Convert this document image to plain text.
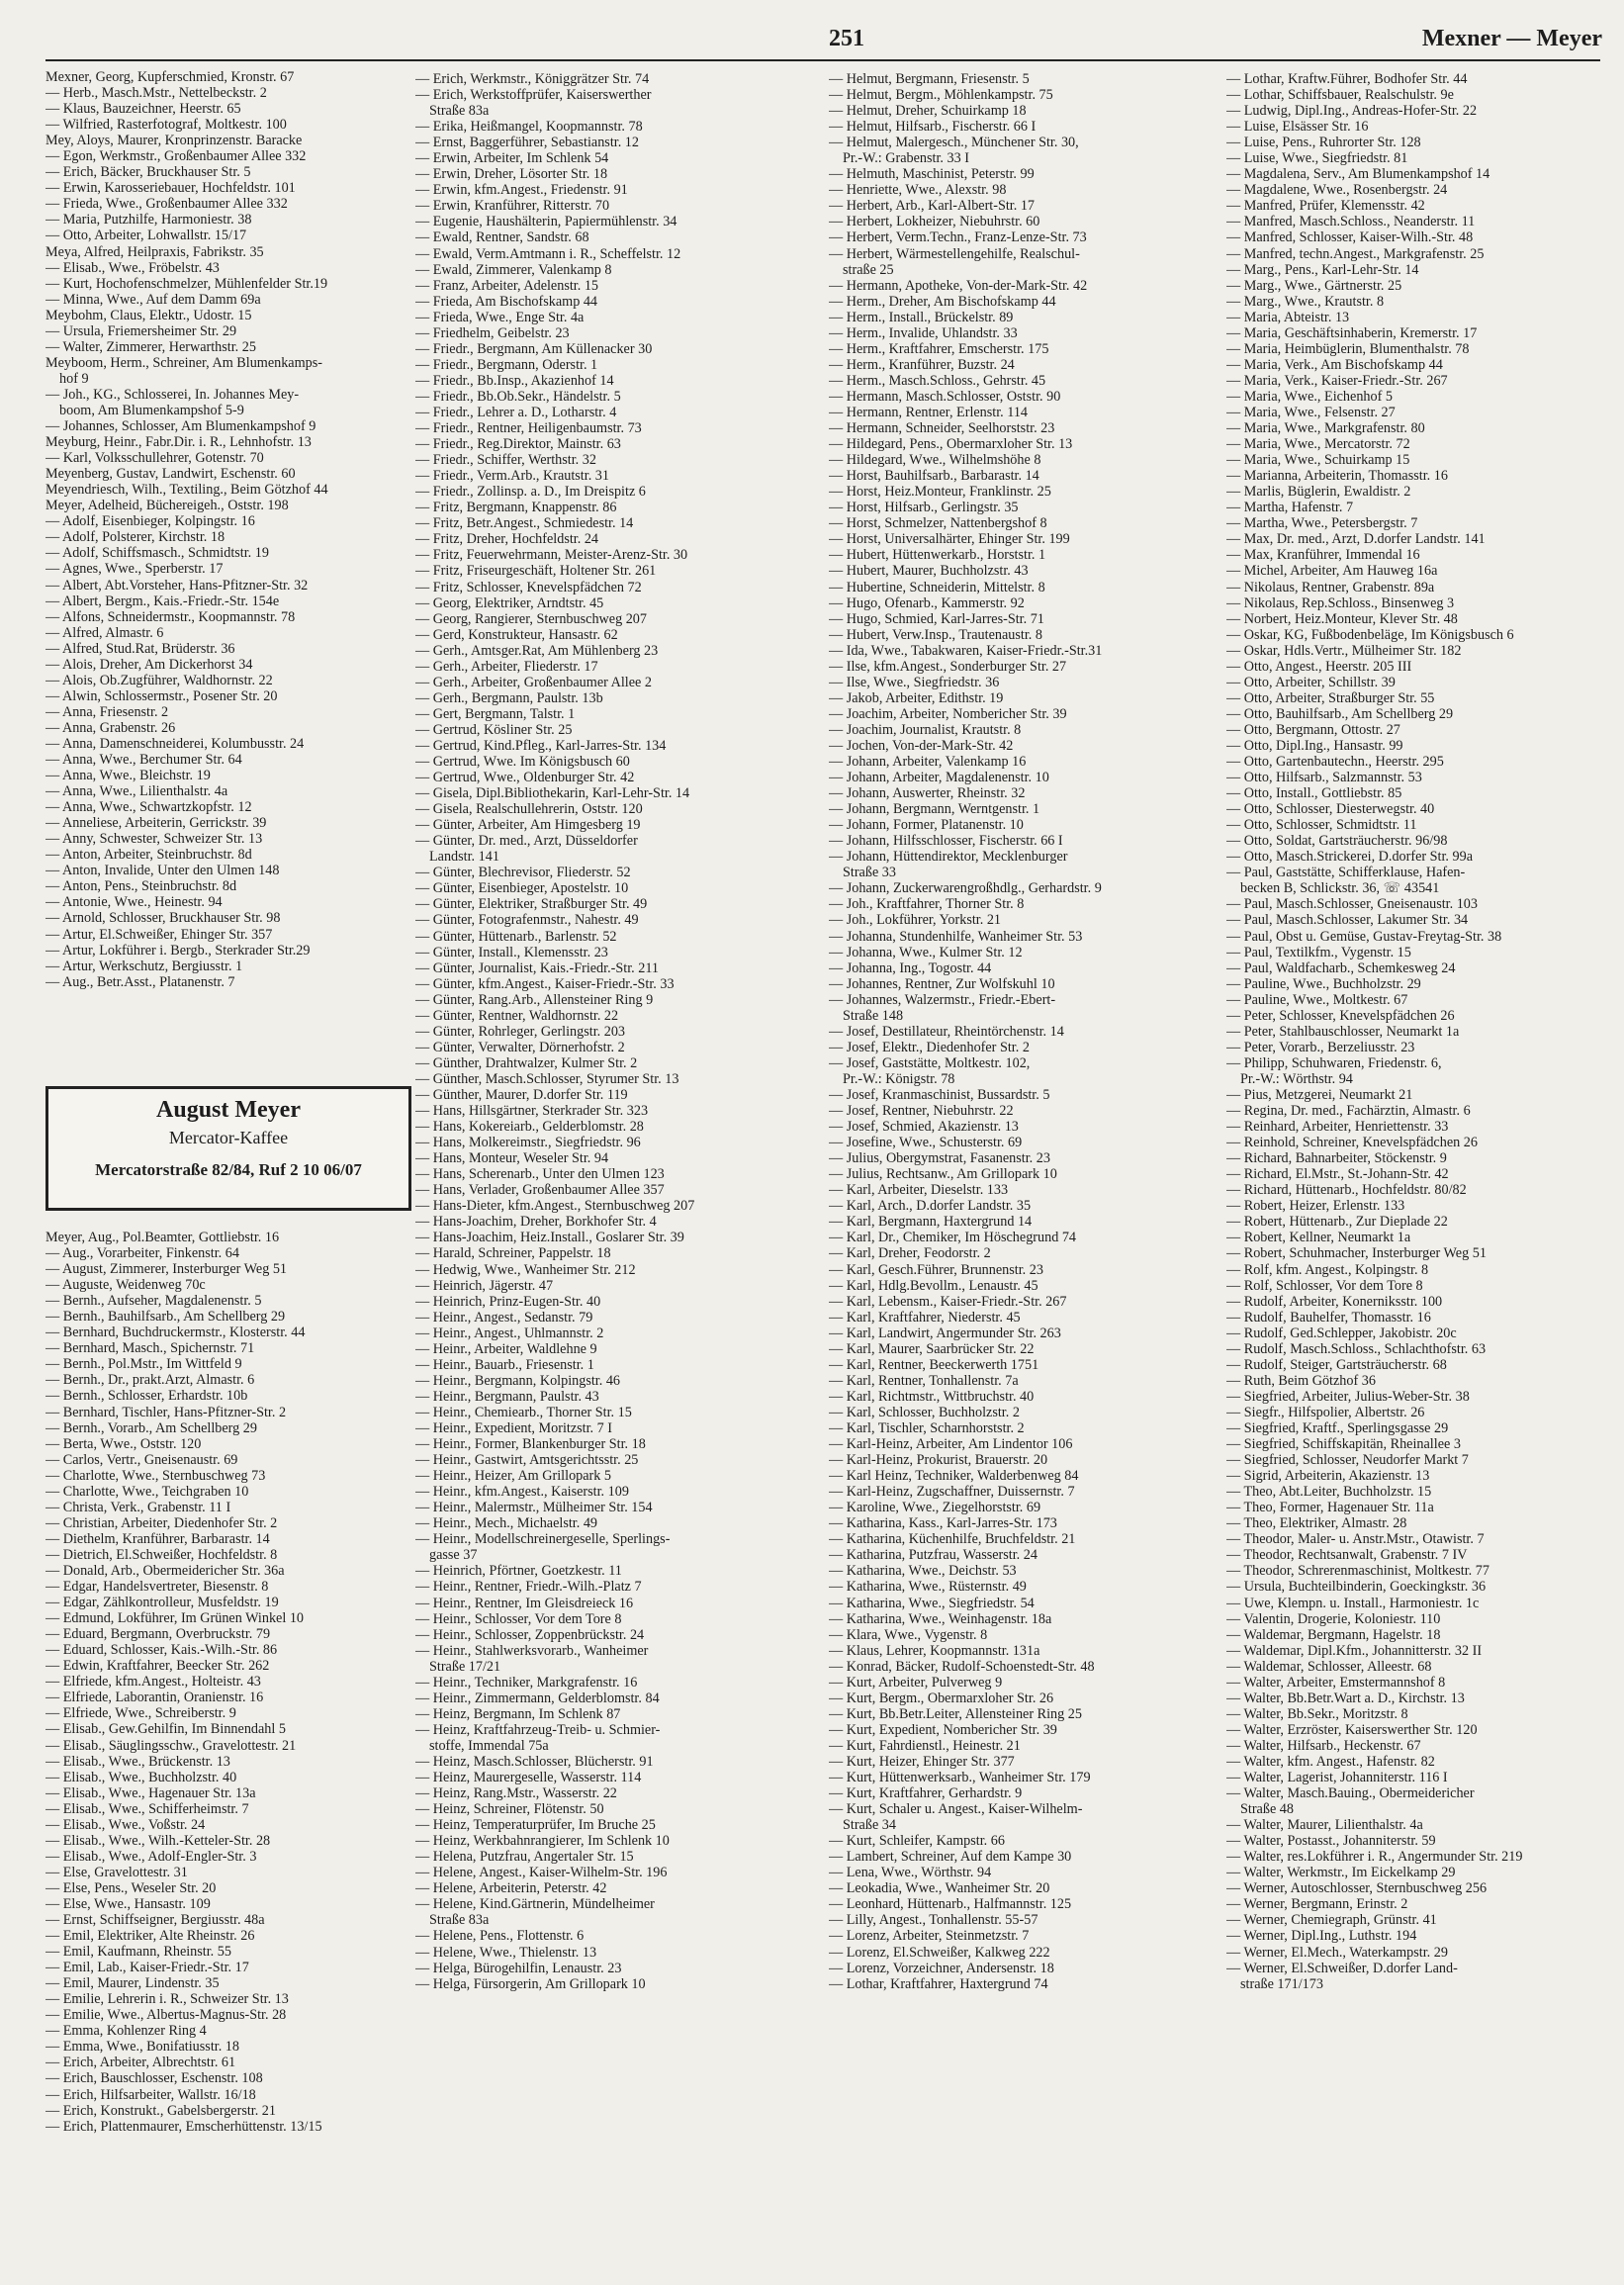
251	Mexner — Meyer
Mexner, Georg, Kupferschmied, Kronstr. 67
— Herb., Masch.Mstr., Nettelbeckstr. 2
— Klaus, Bauzeichner, Heerstr. 65
— Wilfried, Rasterfotograf, Moltkestr. 100
Mey, Aloys, Maurer, Kronprinzenstr. Baracke
— Egon, Werkmstr., Großenbaumer Allee 332
— Erich, Bäcker, Bruckhauser Str. 5
— Erwin, Karosseriebauer, Hochfeldstr. 101
— Frieda, Wwe., Großenbaumer Allee 332
— Maria, Putzhilfe, Harmoniestr. 38
— Otto, Arbeiter, Lohwallstr. 15/17
Meya, Alfred, Heilpraxis, Fabrikstr. 35
— Elisab., Wwe., Fröbelstr. 43
— Kurt, Hochofenschmelzer, Mühlenfelder Str.19
— Minna, Wwe., Auf dem Damm 69a
Meybohm, Claus, Elektr., Udostr. 15
— Ursula, Friemersheimer Str. 29
— Walter, Zimmerer, Herwarthstr. 25
Meyboom, Herm., Schreiner, Am Blumenkamps-
hof 9
— Joh., KG., Schlosserei, In. Johannes Mey-
boom, Am Blumenkampshof 5-9
— Johannes, Schlosser, Am Blumenkampshof 9
Meyburg, Heinr., Fabr.Dir. i. R., Lehnhofstr. 13
— Karl, Volksschullehrer, Gotenstr. 70
Meyenberg, Gustav, Landwirt, Eschenstr. 60
Meyendriesch, Wilh., Textiling., Beim Götzhof 44
Meyer, Adelheid, Büchereigeh., Oststr. 198
— Adolf, Eisenbieger, Kolpingstr. 16
— Adolf, Polsterer, Kirchstr. 18
— Adolf, Schiffsmasch., Schmidtstr. 19
— Agnes, Wwe., Sperberstr. 17
— Albert, Abt.Vorsteher, Hans-Pfitzner-Str. 32
— Albert, Bergm., Kais.-Friedr.-Str. 154e
— Alfons, Schneidermstr., Koopmannstr. 78
— Alfred, Almastr. 6
— Alfred, Stud.Rat, Brüderstr. 36
— Alois, Dreher, Am Dickerhorst 34
— Alois, Ob.Zugführer, Waldhornstr. 22
— Alwin, Schlossermstr., Posener Str. 20
— Anna, Friesenstr. 2
— Anna, Grabenstr. 26
— Anna, Damenschneiderei, Kolumbusstr. 24
— Anna, Wwe., Berchumer Str. 64
— Anna, Wwe., Bleichstr. 19
— Anna, Wwe., Lilienthalstr. 4a
— Anna, Wwe., Schwartzkopfstr. 12
— Anneliese, Arbeiterin, Gerrickstr. 39
— Anny, Schwester, Schweizer Str. 13
— Anton, Arbeiter, Steinbruchstr. 8d
— Anton, Invalide, Unter den Ulmen 148
— Anton, Pens., Steinbruchstr. 8d
— Antonie, Wwe., Heinestr. 94
— Arnold, Schlosser, Bruckhauser Str. 98
— Artur, El.Schweißer, Ehinger Str. 357
— Artur, Lokführer i. Bergb., Sterkrader Str.29
— Artur, Werkschutz, Bergiusstr. 1
— Aug., Betr.Asst., Platanenstr. 7
August Meyer
Mercator-Kaffee
Mercatorstraße 82/84, Ruf 2 10 06/07
Meyer, Aug., Pol.Beamter, Gottliebstr. 16
— Aug., Vorarbeiter, Finkenstr. 64
— August, Zimmerer, Insterburger Weg 51
— Auguste, Weidenweg 70c
— Bernh., Aufseher, Magdalenenstr. 5
— Bernh., Bauhilfsarb., Am Schellberg 29
— Bernhard, Buchdruckermstr., Klosterstr. 44
— Bernhard, Masch., Spichernstr. 71
— Bernh., Pol.Mstr., Im Wittfeld 9
— Bernh., Dr., prakt.Arzt, Almastr. 6
— Bernh., Schlosser, Erhardstr. 10b
— Bernhard, Tischler, Hans-Pfitzner-Str. 2
— Bernh., Vorarb., Am Schellberg 29
— Berta, Wwe., Oststr. 120
— Carlos, Vertr., Gneisenaustr. 69
— Charlotte, Wwe., Sternbuschweg 73
— Charlotte, Wwe., Teichgraben 10
— Christa, Verk., Grabenstr. 11 I
— Christian, Arbeiter, Diedenhofer Str. 2
— Diethelm, Kranführer, Barbarastr. 14
— Dietrich, El.Schweißer, Hochfeldstr. 8
— Donald, Arb., Obermeidericher Str. 36a
— Edgar, Handelsvertreter, Biesenstr. 8
— Edgar, Zählkontrolleur, Musfeldstr. 19
— Edmund, Lokführer, Im Grünen Winkel 10
— Eduard, Bergmann, Overbruckstr. 79
— Eduard, Schlosser, Kais.-Wilh.-Str. 86
— Edwin, Kraftfahrer, Beecker Str. 262
— Elfriede, kfm.Angest., Holteistr. 43
— Elfriede, Laborantin, Oranienstr. 16
— Elfriede, Wwe., Schreiberstr. 9
— Elisab., Gew.Gehilfin, Im Binnendahl 5
— Elisab., Säuglingsschw., Gravelottestr. 21
— Elisab., Wwe., Brückenstr. 13
— Elisab., Wwe., Buchholzstr. 40
— Elisab., Wwe., Hagenauer Str. 13a
— Elisab., Wwe., Schifferheimstr. 7
— Elisab., Wwe., Voßstr. 24
— Elisab., Wwe., Wilh.-Ketteler-Str. 28
— Elisab., Wwe., Adolf-Engler-Str. 3
— Else, Gravelottestr. 31
— Else, Pens., Weseler Str. 20
— Else, Wwe., Hansastr. 109
— Ernst, Schiffseigner, Bergiusstr. 48a
— Emil, Elektriker, Alte Rheinstr. 26
— Emil, Kaufmann, Rheinstr. 55
— Emil, Lab., Kaiser-Friedr.-Str. 17
— Emil, Maurer, Lindenstr. 35
— Emilie, Lehrerin i. R., Schweizer Str. 13
— Emilie, Wwe., Albertus-Magnus-Str. 28
— Emma, Kohlenzer Ring 4
— Emma, Wwe., Bonifatiusstr. 18
— Erich, Arbeiter, Albrechtstr. 61
— Erich, Bauschlosser, Eschenstr. 108
— Erich, Hilfsarbeiter, Wallstr. 16/18
— Erich, Konstrukt., Gabelsbergerstr. 21
— Erich, Plattenmaurer, Emscherhüttenstr. 13/15
— Erich, Werkmstr., Königgrätzer Str. 74
— Erich, Werkstoffprüfer, Kaiserswerther
Straße 83a
— Erika, Heißmangel, Koopmannstr. 78
— Ernst, Baggerführer, Sebastianstr. 12
— Erwin, Arbeiter, Im Schlenk 54
— Erwin, Dreher, Lösorter Str. 18
— Erwin, kfm.Angest., Friedenstr. 91
— Erwin, Kranführer, Ritterstr. 70
— Eugenie, Haushälterin, Papiermühlenstr. 34
— Ewald, Rentner, Sandstr. 68
— Ewald, Verm.Amtmann i. R., Scheffelstr. 12
— Ewald, Zimmerer, Valenkamp 8
— Franz, Arbeiter, Adelenstr. 15
— Frieda, Am Bischofskamp 44
— Frieda, Wwe., Enge Str. 4a
— Friedhelm, Geibelstr. 23
— Friedr., Bergmann, Am Küllenacker 30
— Friedr., Bergmann, Oderstr. 1
— Friedr., Bb.Insp., Akazienhof 14
— Friedr., Bb.Ob.Sekr., Händelstr. 5
— Friedr., Lehrer a. D., Lotharstr. 4
— Friedr., Rentner, Heiligenbaumstr. 73
— Friedr., Reg.Direktor, Mainstr. 63
— Friedr., Schiffer, Werthstr. 32
— Friedr., Verm.Arb., Krautstr. 31
— Friedr., Zollinsp. a. D., Im Dreispitz 6
— Fritz, Bergmann, Knappenstr. 86
— Fritz, Betr.Angest., Schmiedestr. 14
— Fritz, Dreher, Hochfeldstr. 24
— Fritz, Feuerwehrmann, Meister-Arenz-Str. 30
— Fritz, Friseurgeschäft, Holtener Str. 261
— Fritz, Schlosser, Knevelspfädchen 72
— Georg, Elektriker, Arndtstr. 45
— Georg, Rangierer, Sternbuschweg 207
— Gerd, Konstrukteur, Hansastr. 62
— Gerh., Amtsger.Rat, Am Mühlenberg 23
— Gerh., Arbeiter, Fliederstr. 17
— Gerh., Arbeiter, Großenbaumer Allee 2
— Gerh., Bergmann, Paulstr. 13b
— Gert, Bergmann, Talstr. 1
— Gertrud, Kösliner Str. 25
— Gertrud, Kind.Pfleg., Karl-Jarres-Str. 134
— Gertrud, Wwe. Im Königsbusch 60
— Gertrud, Wwe., Oldenburger Str. 42
— Gisela, Dipl.Bibliothekarin, Karl-Lehr-Str. 14
— Gisela, Realschullehrerin, Oststr. 120
— Günter, Arbeiter, Am Himgesberg 19
— Günter, Dr. med., Arzt, Düsseldorfer
Landstr. 141
— Günter, Blechrevisor, Fliederstr. 52
— Günter, Eisenbieger, Apostelstr. 10
— Günter, Elektriker, Straßburger Str. 49
— Günter, Fotografenmstr., Nahestr. 49
— Günter, Hüttenarb., Barlenstr. 52
— Günter, Install., Klemensstr. 23
— Günter, Journalist, Kais.-Friedr.-Str. 211
— Günter, kfm.Angest., Kaiser-Friedr.-Str. 33
— Günter, Rang.Arb., Allensteiner Ring 9
— Günter, Rentner, Waldhornstr. 22
— Günter, Rohrleger, Gerlingstr. 203
— Günter, Verwalter, Dörnerhofstr. 2
— Günther, Drahtwalzer, Kulmer Str. 2
— Günther, Masch.Schlosser, Styrumer Str. 13
— Günther, Maurer, D.dorfer Str. 119
— Hans, Hillsgärtner, Sterkrader Str. 323
— Hans, Kokereiarb., Gelderblomstr. 28
— Hans, Molkereimstr., Siegfriedstr. 96
— Hans, Monteur, Weseler Str. 94
— Hans, Scherenarb., Unter den Ulmen 123
— Hans, Verlader, Großenbaumer Allee 357
— Hans-Dieter, kfm.Angest., Sternbuschweg 207
— Hans-Joachim, Dreher, Borkhofer Str. 4
— Hans-Joachim, Heiz.Install., Goslarer Str. 39
— Harald, Schreiner, Pappelstr. 18
— Hedwig, Wwe., Wanheimer Str. 212
— Heinrich, Jägerstr. 47
— Heinrich, Prinz-Eugen-Str. 40
— Heinr., Angest., Sedanstr. 79
— Heinr., Angest., Uhlmannstr. 2
— Heinr., Arbeiter, Waldlehne 9
— Heinr., Bauarb., Friesenstr. 1
— Heinr., Bergmann, Kolpingstr. 46
— Heinr., Bergmann, Paulstr. 43
— Heinr., Chemiearb., Thorner Str. 15
— Heinr., Expedient, Moritzstr. 7 I
— Heinr., Former, Blankenburger Str. 18
— Heinr., Gastwirt, Amtsgerichtsstr. 25
— Heinr., Heizer, Am Grillopark 5
— Heinr., kfm.Angest., Kaiserstr. 109
— Heinr., Malermstr., Mülheimer Str. 154
— Heinr., Mech., Michaelstr. 49
— Heinr., Modellschreinergeselle, Sperlings-
gasse 37
— Heinrich, Pförtner, Goetzkestr. 11
— Heinr., Rentner, Friedr.-Wilh.-Platz 7
— Heinr., Rentner, Im Gleisdreieck 16
— Heinr., Schlosser, Vor dem Tore 8
— Heinr., Schlosser, Zoppenbrückstr. 24
— Heinr., Stahlwerksvorarb., Wanheimer
Straße 17/21
— Heinr., Techniker, Markgrafenstr. 16
— Heinr., Zimmermann, Gelderblomstr. 84
— Heinz, Bergmann, Im Schlenk 87
— Heinz, Kraftfahrzeug-Treib- u. Schmier-
stoffe, Immendal 75a
— Heinz, Masch.Schlosser, Blücherstr. 91
— Heinz, Maurergeselle, Wasserstr. 114
— Heinz, Rang.Mstr., Wasserstr. 22
— Heinz, Schreiner, Flötenstr. 50
— Heinz, Temperaturprüfer, Im Bruche 25
— Heinz, Werkbahnrangierer, Im Schlenk 10
— Helena, Putzfrau, Angertaler Str. 15
— Helene, Angest., Kaiser-Wilhelm-Str. 196
— Helene, Arbeiterin, Peterstr. 42
— Helene, Kind.Gärtnerin, Mündelheimer
Straße 83a
— Helene, Pens., Flottenstr. 6
— Helene, Wwe., Thielenstr. 13
— Helga, Bürogehilfin, Lenaustr. 23
— Helga, Fürsorgerin, Am Grillopark 10
— Helmut, Bergmann, Friesenstr. 5
— Helmut, Bergm., Möhlenkampstr. 75
— Helmut, Dreher, Schuirkamp 18
— Helmut, Hilfsarb., Fischerstr. 66 I
— Helmut, Malergesch., Münchener Str. 30,
Pr.-W.: Grabenstr. 33 I
— Helmuth, Maschinist, Peterstr. 99
— Henriette, Wwe., Alexstr. 98
— Herbert, Arb., Karl-Albert-Str. 17
— Herbert, Lokheizer, Niebuhrstr. 60
— Herbert, Verm.Techn., Franz-Lenze-Str. 73
— Herbert, Wärmestellengehilfe, Realschul-
straße 25
— Hermann, Apotheke, Von-der-Mark-Str. 42
— Herm., Dreher, Am Bischofskamp 44
— Herm., Install., Brückelstr. 89
— Herm., Invalide, Uhlandstr. 33
— Herm., Kraftfahrer, Emscherstr. 175
— Herm., Kranführer, Buzstr. 24
— Herm., Masch.Schloss., Gehrstr. 45
— Hermann, Masch.Schlosser, Oststr. 90
— Hermann, Rentner, Erlenstr. 114
— Hermann, Schneider, Seelhorststr. 23
— Hildegard, Pens., Obermarxloher Str. 13
— Hildegard, Wwe., Wilhelmshöhe 8
— Horst, Bauhilfsarb., Barbarastr. 14
— Horst, Heiz.Monteur, Franklinstr. 25
— Horst, Hilfsarb., Gerlingstr. 35
— Horst, Schmelzer, Nattenbergshof 8
— Horst, Universalhärter, Ehinger Str. 199
— Hubert, Hüttenwerkarb., Horststr. 1
— Hubert, Maurer, Buchholzstr. 43
— Hubertine, Schneiderin, Mittelstr. 8
— Hugo, Ofenarb., Kammerstr. 92
— Hugo, Schmied, Karl-Jarres-Str. 71
— Hubert, Verw.Insp., Trautenaustr. 8
— Ida, Wwe., Tabakwaren, Kaiser-Friedr.-Str.31
— Ilse, kfm.Angest., Sonderburger Str. 27
— Ilse, Wwe., Siegfriedstr. 36
— Jakob, Arbeiter, Edithstr. 19
— Joachim, Arbeiter, Nombericher Str. 39
— Joachim, Journalist, Krautstr. 8
— Jochen, Von-der-Mark-Str. 42
— Johann, Arbeiter, Valenkamp 16
— Johann, Arbeiter, Magdalenenstr. 10
— Johann, Auswerter, Rheinstr. 32
— Johann, Bergmann, Werntgenstr. 1
— Johann, Former, Platanenstr. 10
— Johann, Hilfsschlosser, Fischerstr. 66 I
— Johann, Hüttendirektor, Mecklenburger
Straße 33
— Johann, Zuckerwarengroßhdlg., Gerhardstr. 9
— Joh., Kraftfahrer, Thorner Str. 8
— Joh., Lokführer, Yorkstr. 21
— Johanna, Stundenhilfe, Wanheimer Str. 53
— Johanna, Wwe., Kulmer Str. 12
— Johanna, Ing., Togostr. 44
— Johannes, Rentner, Zur Wolfskuhl 10
— Johannes, Walzermstr., Friedr.-Ebert-
Straße 148
— Josef, Destillateur, Rheintörchenstr. 14
— Josef, Elektr., Diedenhofer Str. 2
— Josef, Gaststätte, Moltkestr. 102,
Pr.-W.: Königstr. 78
— Josef, Kranmaschinist, Bussardstr. 5
— Josef, Rentner, Niebuhrstr. 22
— Josef, Schmied, Akazienstr. 13
— Josefine, Wwe., Schusterstr. 69
— Julius, Obergymstrat, Fasanenstr. 23
— Julius, Rechtsanw., Am Grillopark 10
— Karl, Arbeiter, Dieselstr. 133
— Karl, Arch., D.dorfer Landstr. 35
— Karl, Bergmann, Haxtergrund 14
— Karl, Dr., Chemiker, Im Höschegrund 74
— Karl, Dreher, Feodorstr. 2
— Karl, Gesch.Führer, Brunnenstr. 23
— Karl, Hdlg.Bevollm., Lenaustr. 45
— Karl, Lebensm., Kaiser-Friedr.-Str. 267
— Karl, Kraftfahrer, Niederstr. 45
— Karl, Landwirt, Angermunder Str. 263
— Karl, Maurer, Saarbrücker Str. 22
— Karl, Rentner, Beeckerwerth 1751
— Karl, Rentner, Tonhallenstr. 7a
— Karl, Richtmstr., Wittbruchstr. 40
— Karl, Schlosser, Buchholzstr. 2
— Karl, Tischler, Scharnhorststr. 2
— Karl-Heinz, Arbeiter, Am Lindentor 106
— Karl-Heinz, Prokurist, Brauerstr. 20
— Karl Heinz, Techniker, Walderbenweg 84
— Karl-Heinz, Zugschaffner, Duissernstr. 7
— Karoline, Wwe., Ziegelhorststr. 69
— Katharina, Kass., Karl-Jarres-Str. 173
— Katharina, Küchenhilfe, Bruchfeldstr. 21
— Katharina, Putzfrau, Wasserstr. 24
— Katharina, Wwe., Deichstr. 53
— Katharina, Wwe., Rüsternstr. 49
— Katharina, Wwe., Siegfriedstr. 54
— Katharina, Wwe., Weinhagenstr. 18a
— Klara, Wwe., Vygenstr. 8
— Klaus, Lehrer, Koopmannstr. 131a
— Konrad, Bäcker, Rudolf-Schoenstedt-Str. 48
— Kurt, Arbeiter, Pulverweg 9
— Kurt, Bergm., Obermarxloher Str. 26
— Kurt, Bb.Betr.Leiter, Allensteiner Ring 25
— Kurt, Expedient, Nombericher Str. 39
— Kurt, Fahrdienstl., Heinestr. 21
— Kurt, Heizer, Ehinger Str. 377
— Kurt, Hüttenwerksarb., Wanheimer Str. 179
— Kurt, Kraftfahrer, Gerhardstr. 9
— Kurt, Schaler u. Angest., Kaiser-Wilhelm-
Straße 34
— Kurt, Schleifer, Kampstr. 66
— Lambert, Schreiner, Auf dem Kampe 30
— Lena, Wwe., Wörthstr. 94
— Leokadia, Wwe., Wanheimer Str. 20
— Leonhard, Hüttenarb., Halfmannstr. 125
— Lilly, Angest., Tonhallenstr. 55-57
— Lorenz, Arbeiter, Steinmetzstr. 7
— Lorenz, El.Schweißer, Kalkweg 222
— Lorenz, Vorzeichner, Andersenstr. 18
— Lothar, Kraftfahrer, Haxtergrund 74
— Lothar, Kraftw.Führer, Bodhofer Str. 44
— Lothar, Schiffsbauer, Realschulstr. 9e
— Ludwig, Dipl.Ing., Andreas-Hofer-Str. 22
— Luise, Elsässer Str. 16
— Luise, Pens., Ruhrorter Str. 128
— Luise, Wwe., Siegfriedstr. 81
— Magdalena, Serv., Am Blumenkampshof 14
— Magdalene, Wwe., Rosenbergstr. 24
— Manfred, Prüfer, Klemensstr. 42
— Manfred, Masch.Schloss., Neanderstr. 11
— Manfred, Schlosser, Kaiser-Wilh.-Str. 48
— Manfred, techn.Angest., Markgrafenstr. 25
— Marg., Pens., Karl-Lehr-Str. 14
— Marg., Wwe., Gärtnerstr. 25
— Marg., Wwe., Krautstr. 8
— Maria, Abteistr. 13
— Maria, Geschäftsinhaberin, Kremerstr. 17
— Maria, Heimbüglerin, Blumenthalstr. 78
— Maria, Verk., Am Bischofskamp 44
— Maria, Verk., Kaiser-Friedr.-Str. 267
— Maria, Wwe., Eichenhof 5
— Maria, Wwe., Felsenstr. 27
— Maria, Wwe., Markgrafenstr. 80
— Maria, Wwe., Mercatorstr. 72
— Maria, Wwe., Schuirkamp 15
— Marianna, Arbeiterin, Thomasstr. 16
— Marlis, Büglerin, Ewaldistr. 2
— Martha, Hafenstr. 7
— Martha, Wwe., Petersbergstr. 7
— Max, Dr. med., Arzt, D.dorfer Landstr. 141
— Max, Kranführer, Immendal 16
— Michel, Arbeiter, Am Hauweg 16a
— Nikolaus, Rentner, Grabenstr. 89a
— Nikolaus, Rep.Schloss., Binsenweg 3
— Norbert, Heiz.Monteur, Klever Str. 48
— Oskar, KG, Fußbodenbeläge, Im Königsbusch 6
— Oskar, Hdls.Vertr., Mülheimer Str. 182
— Otto, Angest., Heerstr. 205 III
— Otto, Arbeiter, Schillstr. 39
— Otto, Arbeiter, Straßburger Str. 55
— Otto, Bauhilfsarb., Am Schellberg 29
— Otto, Bergmann, Ottostr. 27
— Otto, Dipl.Ing., Hansastr. 99
— Otto, Gartenbautechn., Heerstr. 295
— Otto, Hilfsarb., Salzmannstr. 53
— Otto, Install., Gottliebstr. 85
— Otto, Schlosser, Diesterwegstr. 40
— Otto, Schlosser, Schmidtstr. 11
— Otto, Soldat, Gartsträucherstr. 96/98
— Otto, Masch.Strickerei, D.dorfer Str. 99a
— Paul, Gaststätte, Schifferklause, Hafen-
becken B, Schlickstr. 36, ☏ 43541
— Paul, Masch.Schlosser, Gneisenaustr. 103
— Paul, Masch.Schlosser, Lakumer Str. 34
— Paul, Obst u. Gemüse, Gustav-Freytag-Str. 38
— Paul, Textilkfm., Vygenstr. 15
— Paul, Waldfacharb., Schemkesweg 24
— Pauline, Wwe., Buchholzstr. 29
— Pauline, Wwe., Moltkestr. 67
— Peter, Schlosser, Knevelspfädchen 26
— Peter, Stahlbauschlosser, Neumarkt 1a
— Peter, Vorarb., Berzeliusstr. 23
— Philipp, Schuhwaren, Friedenstr. 6,
Pr.-W.: Wörthstr. 94
— Pius, Metzgerei, Neumarkt 21
— Regina, Dr. med., Fachärztin, Almastr. 6
— Reinhard, Arbeiter, Henriettenstr. 33
— Reinhold, Schreiner, Knevelspfädchen 26
— Richard, Bahnarbeiter, Stöckenstr. 9
— Richard, El.Mstr., St.-Johann-Str. 42
— Richard, Hüttenarb., Hochfeldstr. 80/82
— Robert, Heizer, Erlenstr. 133
— Robert, Hüttenarb., Zur Dieplade 22
— Robert, Kellner, Neumarkt 1a
— Robert, Schuhmacher, Insterburger Weg 51
— Rolf, kfm. Angest., Kolpingstr. 8
— Rolf, Schlosser, Vor dem Tore 8
— Rudolf, Arbeiter, Konerniksstr. 100
— Rudolf, Bauhelfer, Thomasstr. 16
— Rudolf, Ged.Schlepper, Jakobistr. 20c
— Rudolf, Masch.Schloss., Schlachthofstr. 63
— Rudolf, Steiger, Gartsträucherstr. 68
— Ruth, Beim Götzhof 36
— Siegfried, Arbeiter, Julius-Weber-Str. 38
— Siegfr., Hilfspolier, Albertstr. 26
— Siegfried, Kraftf., Sperlingsgasse 29
— Siegfried, Schiffskapitän, Rheinallee 3
— Siegfried, Schlosser, Neudorfer Markt 7
— Sigrid, Arbeiterin, Akazienstr. 13
— Theo, Abt.Leiter, Buchholzstr. 15
— Theo, Former, Hagenauer Str. 11a
— Theo, Elektriker, Almastr. 28
— Theodor, Maler- u. Anstr.Mstr., Otawistr. 7
— Theodor, Rechtsanwalt, Grabenstr. 7 IV
— Theodor, Schrerenmaschinist, Moltkestr. 77
— Ursula, Buchteilbinderin, Goeckingkstr. 36
— Uwe, Klempn. u. Install., Harmoniestr. 1c
— Valentin, Drogerie, Koloniestr. 110
— Waldemar, Bergmann, Hagelstr. 18
— Waldemar, Dipl.Kfm., Johannitterstr. 32 II
— Waldemar, Schlosser, Alleestr. 68
— Walter, Arbeiter, Emstermannshof 8
— Walter, Bb.Betr.Wart a. D., Kirchstr. 13
— Walter, Bb.Sekr., Moritzstr. 8
— Walter, Erzröster, Kaiserswerther Str. 120
— Walter, Hilfsarb., Heckenstr. 67
— Walter, kfm. Angest., Hafenstr. 82
— Walter, Lagerist, Johanniterstr. 116 I
— Walter, Masch.Bauing., Obermeidericher
Straße 48
— Walter, Maurer, Lilienthalstr. 4a
— Walter, Postasst., Johanniterstr. 59
— Walter, res.Lokführer i. R., Angermunder Str. 219
— Walter, Werkmstr., Im Eickelkamp 29
— Werner, Autoschlosser, Sternbuschweg 256
— Werner, Bergmann, Erinstr. 2
— Werner, Chemiegraph, Grünstr. 41
— Werner, Dipl.Ing., Luthstr. 194
— Werner, El.Mech., Waterkampstr. 29
— Werner, El.Schweißer, D.dorfer Land-
straße 171/173
